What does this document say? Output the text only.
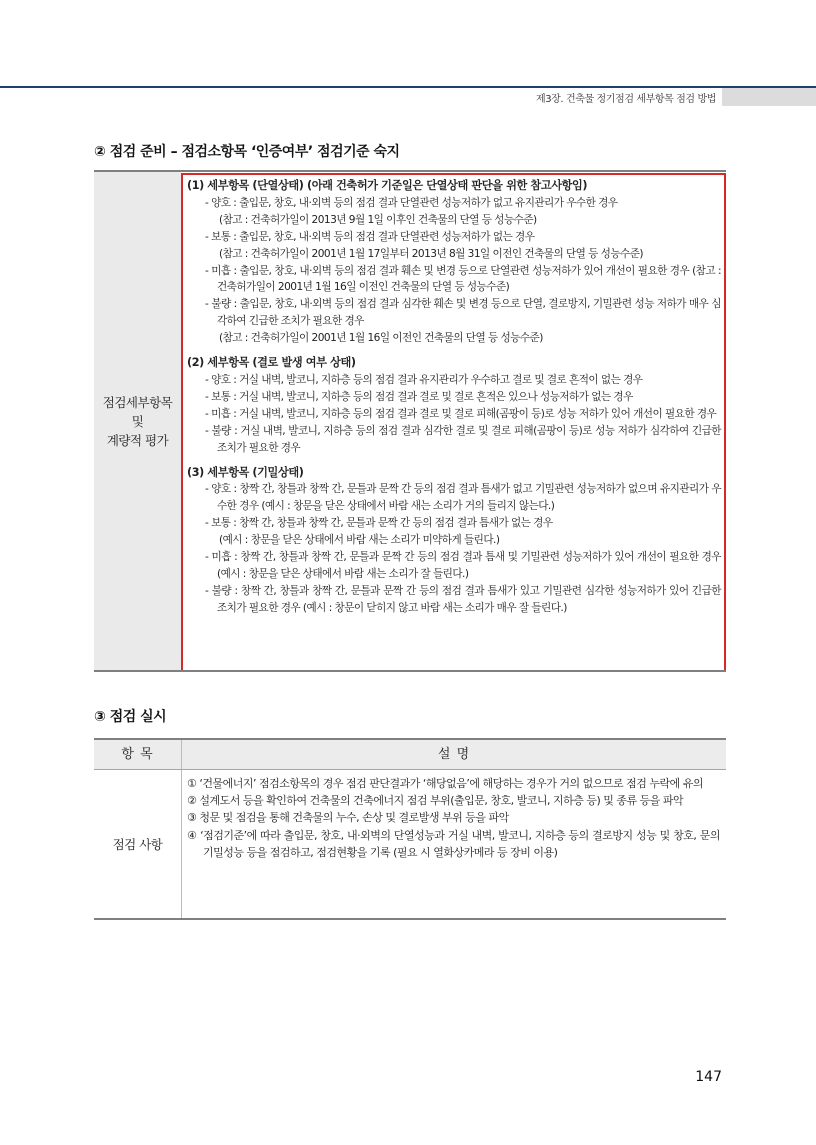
제3장. 건축물 정기점검 세부항목 점검 방법
② 점검 준비 – 점검소항목 ‘인증여부’ 점검기준 숙지
점검세부항목
및
계량적 평가
(1) 세부항목 (단열상태) (아래 건축허가 기준일은 단열상태 판단을 위한 참고사항임)
- 양호 : 출입문, 창호, 내·외벽 등의 점검 결과 단열관련 성능저하가 없고 유지관리가 우수한 경우
(참고 : 건축허가일이 2013년 9월 1일 이후인 건축물의 단열 등 성능수준)
- 보통 : 출입문, 창호, 내·외벽 등의 점검 결과 단열관련 성능저하가 없는 경우
(참고 : 건축허가일이 2001년 1월 17일부터 2013년 8월 31일 이전인 건축물의 단열 등 성능수준)
- 미흡 : 출입문, 창호, 내·외벽 등의 점검 결과 훼손 및 변경 등으로 단열관련 성능저하가 있어 개선이 필요한 경우 (참고 : 건축허가일이 2001년 1월 16일 이전인 건축물의 단열 등 성능수준)
- 불량 : 출입문, 창호, 내·외벽 등의 점검 결과 심각한 훼손 및 변경 등으로 단열, 결로방지, 기밀관련 성능 저하가 매우 심각하여 긴급한 조치가 필요한 경우
(참고 : 건축허가일이 2001년 1월 16일 이전인 건축물의 단열 등 성능수준)
(2) 세부항목 (결로 발생 여부 상태)
- 양호 : 거실 내벽, 발코니, 지하층 등의 점검 결과 유지관리가 우수하고 결로 및 결로 흔적이 없는 경우
- 보통 : 거실 내벽, 발코니, 지하층 등의 점검 결과 결로 및 결로 흔적은 있으나 성능저하가 없는 경우
- 미흡 : 거실 내벽, 발코니, 지하층 등의 점검 결과 결로 및 결로 피해(곰팡이 등)로 성능 저하가 있어 개선이 필요한 경우
- 불량 : 거실 내벽, 발코니, 지하층 등의 점검 결과 심각한 결로 및 결로 피해(곰팡이 등)로 성능 저하가 심각하여 긴급한 조치가 필요한 경우
(3) 세부항목 (기밀상태)
- 양호 : 창짝 간, 창틀과 창짝 간, 문틀과 문짝 간 등의 점검 결과 틈새가 없고 기밀관련 성능저하가 없으며 유지관리가 우수한 경우 (예시 : 창문을 닫은 상태에서 바람 새는 소리가 거의 들리지 않는다.)
- 보통 : 창짝 간, 창틀과 창짝 간, 문틀과 문짝 간 등의 점검 결과 틈새가 없는 경우
(예시 : 창문을 닫은 상태에서 바람 새는 소리가 미약하게 들린다.)
- 미흡 : 창짝 간, 창틀과 창짝 간, 문틀과 문짝 간 등의 점검 결과 틈새 및 기밀관련 성능저하가 있어 개선이 필요한 경우 (예시 : 창문을 닫은 상태에서 바람 새는 소리가 잘 들린다.)
- 불량 : 창짝 간, 창틀과 창짝 간, 문틀과 문짝 간 등의 점검 결과 틈새가 있고 기밀관련 심각한 성능저하가 있어 긴급한 조치가 필요한 경우 (예시 : 창문이 닫히지 않고 바람 새는 소리가 매우 잘 들린다.)
③ 점검 실시
항 목	설 명
점검 사항
① ‘건물에너지’ 점검소항목의 경우 점검 판단결과가 ‘해당없음’에 해당하는 경우가 거의 없으므로 점검 누락에 유의
② 설계도서 등을 확인하여 건축물의 건축에너지 점검 부위(출입문, 창호, 발코니, 지하층 등) 및 종류 등을 파악
③ 청문 및 점검을 통해 건축물의 누수, 손상 및 결로발생 부위 등을 파악
④ ‘점검기준’에 따라 출입문, 창호, 내·외벽의 단열성능과 거실 내벽, 발코니, 지하층 등의 결로방지 성능 및 창호, 문의 기밀성능 등을 점검하고, 점검현황을 기록 (필요 시 열화상카메라 등 장비 이용)
147
